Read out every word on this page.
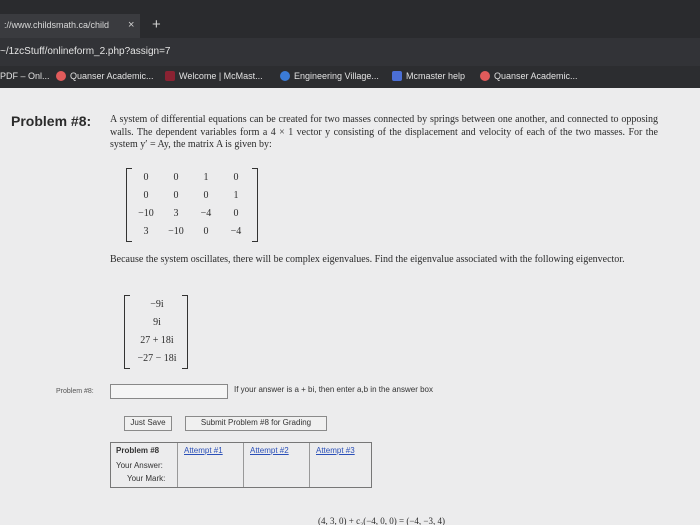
://www.childsmath.ca/child	× +
~/1zcStuff/onlineform_2.php?assign=7
PDF – Onl... Quanser Academic...	Welcome | McMast...	Engineering Village...	Mcmaster help	Quanser Academic...
Problem #8: A system of differential equations can be created for two masses connected by springs between one another, and connected to opposing walls. The dependent variables form a 4 × 1 vector y consisting of the displacement and velocity of each of the two masses. For the system y′ = Ay, the matrix A is given by:
0	0	1	0
0	0	0	1
−10	3	−4	0
3	−10	0	−4
Because the system oscillates, there will be complex eigenvalues. Find the eigenvalue associated with the following eigenvector.
−9i
9i
27 + 18i
−27 − 18i
Problem #8:	If your answer is a + bi, then enter a,b in the answer box
Just Save	Submit Problem #8 for Grading
Problem #8	Attempt #1	Attempt #2	Attempt #3
Your Answer:
Your Mark:
(4, 3, 0) + c₂(−4, 0, 0) = (−4, −3, 4)
